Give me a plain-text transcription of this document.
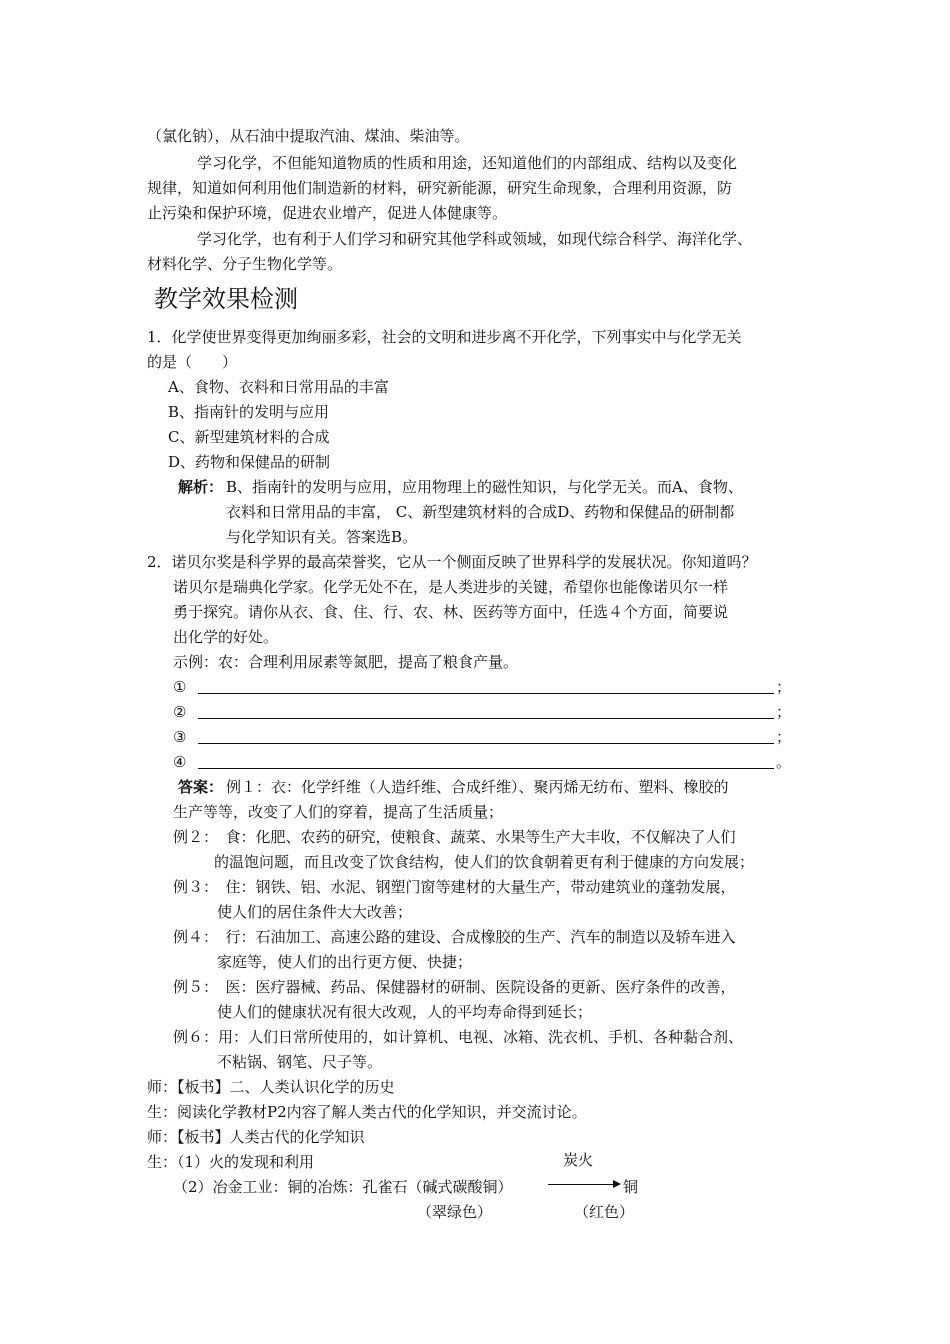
（氯化钠），从石油中提取汽油、煤油、柴油等。
学习化学，不但能知道物质的性质和用途，还知道他们的内部组成、结构以及变化
规律，知道如何利用他们制造新的材料，研究新能源，研究生命现象，合理利用资源，防
止污染和保护环境，促进农业增产，促进人体健康等。
学习化学，也有利于人们学习和研究其他学科或领域，如现代综合科学、海洋化学、
材料化学、分子生物化学等。
教学效果检测
1．化学使世界变得更加绚丽多彩，社会的文明和进步离不开化学，下列事实中与化学无关
的是（　　）
A、食物、衣料和日常用品的丰富
B、指南针的发明与应用
C、新型建筑材料的合成
D、药物和保健品的研制
解析： B、指南针的发明与应用，应用物理上的磁性知识，与化学无关。而A、食物、
衣料和日常用品的丰富， C、新型建筑材料的合成D、药物和保健品的研制都
与化学知识有关。答案选B。
2．诺贝尔奖是科学界的最高荣誉奖，它从一个侧面反映了世界科学的发展状况。你知道吗？
诺贝尔是瑞典化学家。化学无处不在，是人类进步的关键，希望你也能像诺贝尔一样
勇于探究。请你从衣、食、住、行、农、林、医药等方面中，任选４个方面，简要说
出化学的好处。
示例：农：合理利用尿素等氮肥，提高了粮食产量。
①	；
②	；
③	；
④	。
答案： 例１：衣：化学纤维（人造纤维、合成纤维）、聚丙烯无纺布、塑料、橡胶的
生产等等，改变了人们的穿着，提高了生活质量；
例２：　食：化肥、农药的研究，使粮食、蔬菜、水果等生产大丰收，不仅解决了人们
的温饱问题，而且改变了饮食结构，使人们的饮食朝着更有利于健康的方向发展；
例３：　住：钢铁、铝、水泥、钢塑门窗等建材的大量生产，带动建筑业的蓬勃发展，
使人们的居住条件大大改善；
例４：　行：石油加工、高速公路的建设、合成橡胶的生产、汽车的制造以及轿车进入
家庭等，使人们的出行更方便、快捷；
例５：　医：医疗器械、药品、保健器材的研制、医院设备的更新、医疗条件的改善，
使人们的健康状况有很大改观，人的平均寿命得到延长；
例６：用：人们日常所使用的，如计算机、电视、冰箱、洗衣机、手机、各种黏合剂、
不粘锅、钢笔、尺子等。
师：【板书】二、人类认识化学的历史
生：阅读化学教材P2内容了解人类古代的化学知识，并交流讨论。
师：【板书】人类古代的化学知识
生：（1）火的发现和利用	炭火
（2）冶金工业：铜的冶炼：孔雀石（碱式碳酸铜）	铜
（翠绿色）	（红色）
